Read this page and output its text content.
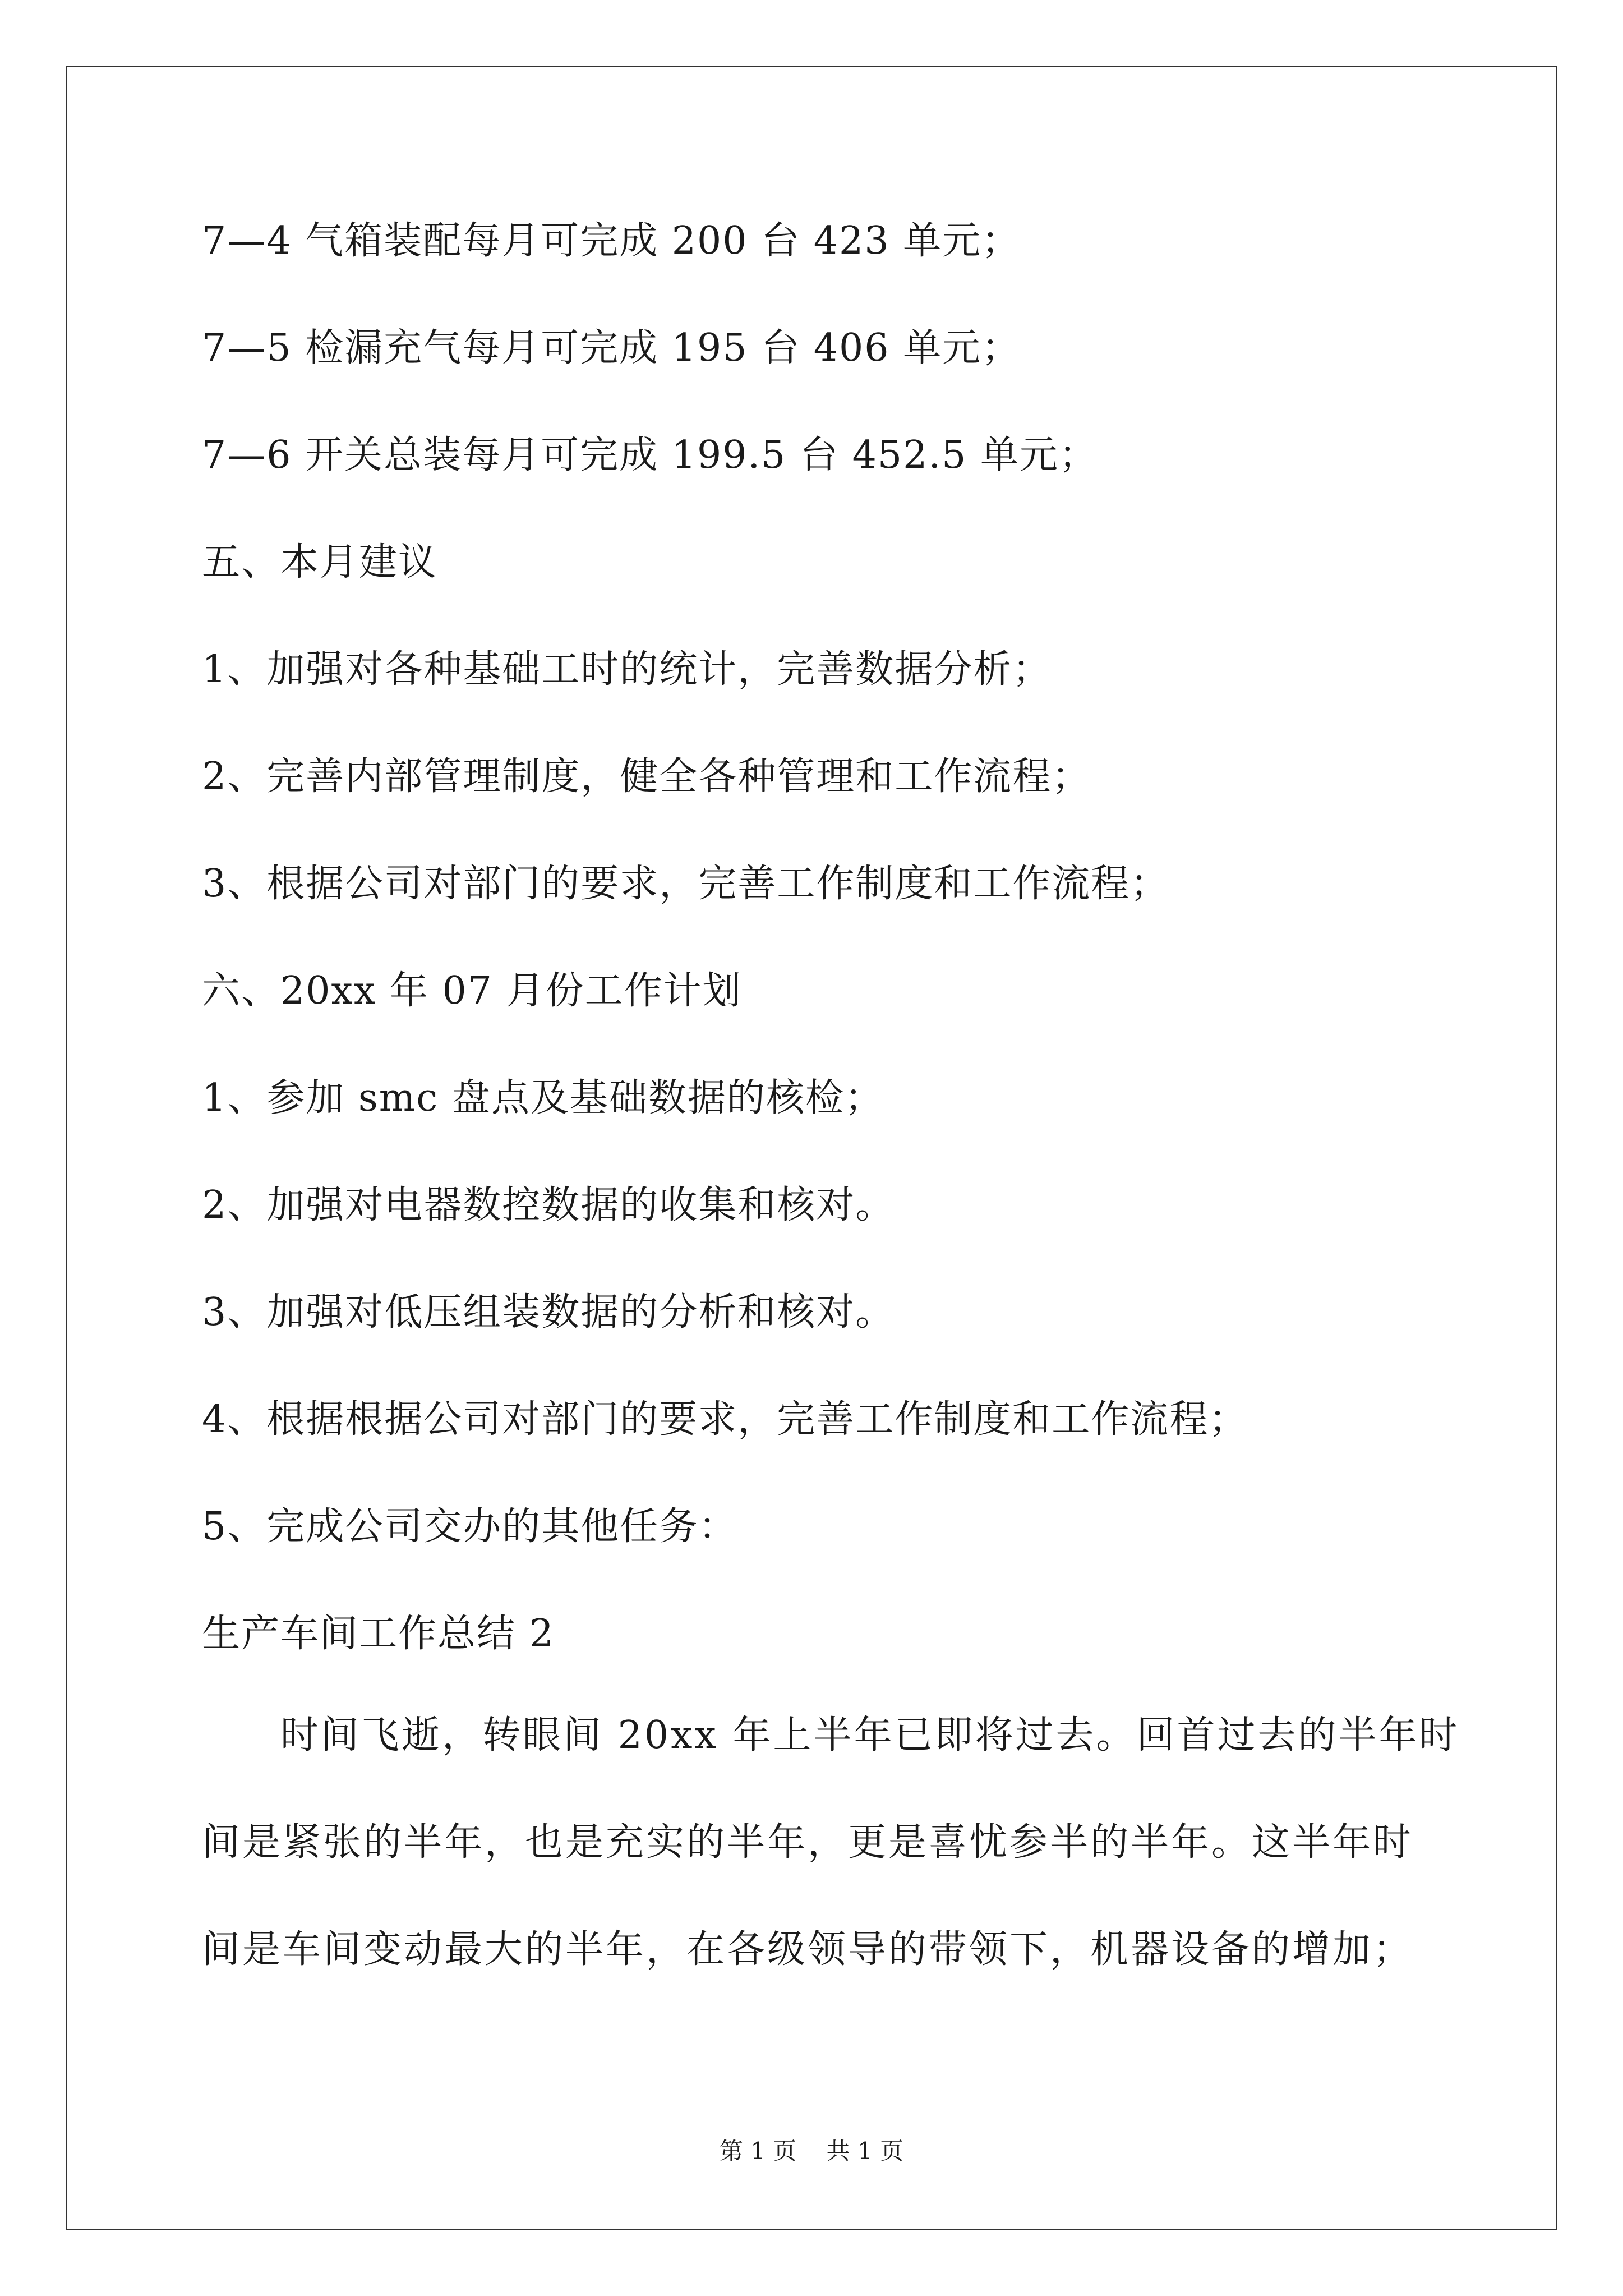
7—4 气箱装配每月可完成 200 台 423 单元；
7—5 检漏充气每月可完成 195 台 406 单元；
7—6 开关总装每月可完成 199.5 台 452.5 单元；
五、本月建议
1、加强对各种基础工时的统计，完善数据分析；
2、完善内部管理制度，健全各种管理和工作流程；
3、根据公司对部门的要求，完善工作制度和工作流程；
六、20xx 年 07 月份工作计划
1、参加 smc 盘点及基础数据的核检；
2、加强对电器数控数据的收集和核对。
3、加强对低压组装数据的分析和核对。
4、根据根据公司对部门的要求，完善工作制度和工作流程；
5、完成公司交办的其他任务：
生产车间工作总结 2
时间飞逝，转眼间 20xx 年上半年已即将过去。回首过去的半年时
间是紧张的半年，也是充实的半年，更是喜忧参半的半年。这半年时
间是车间变动最大的半年，在各级领导的带领下，机器设备的增加；
第 1 页 共 1 页
